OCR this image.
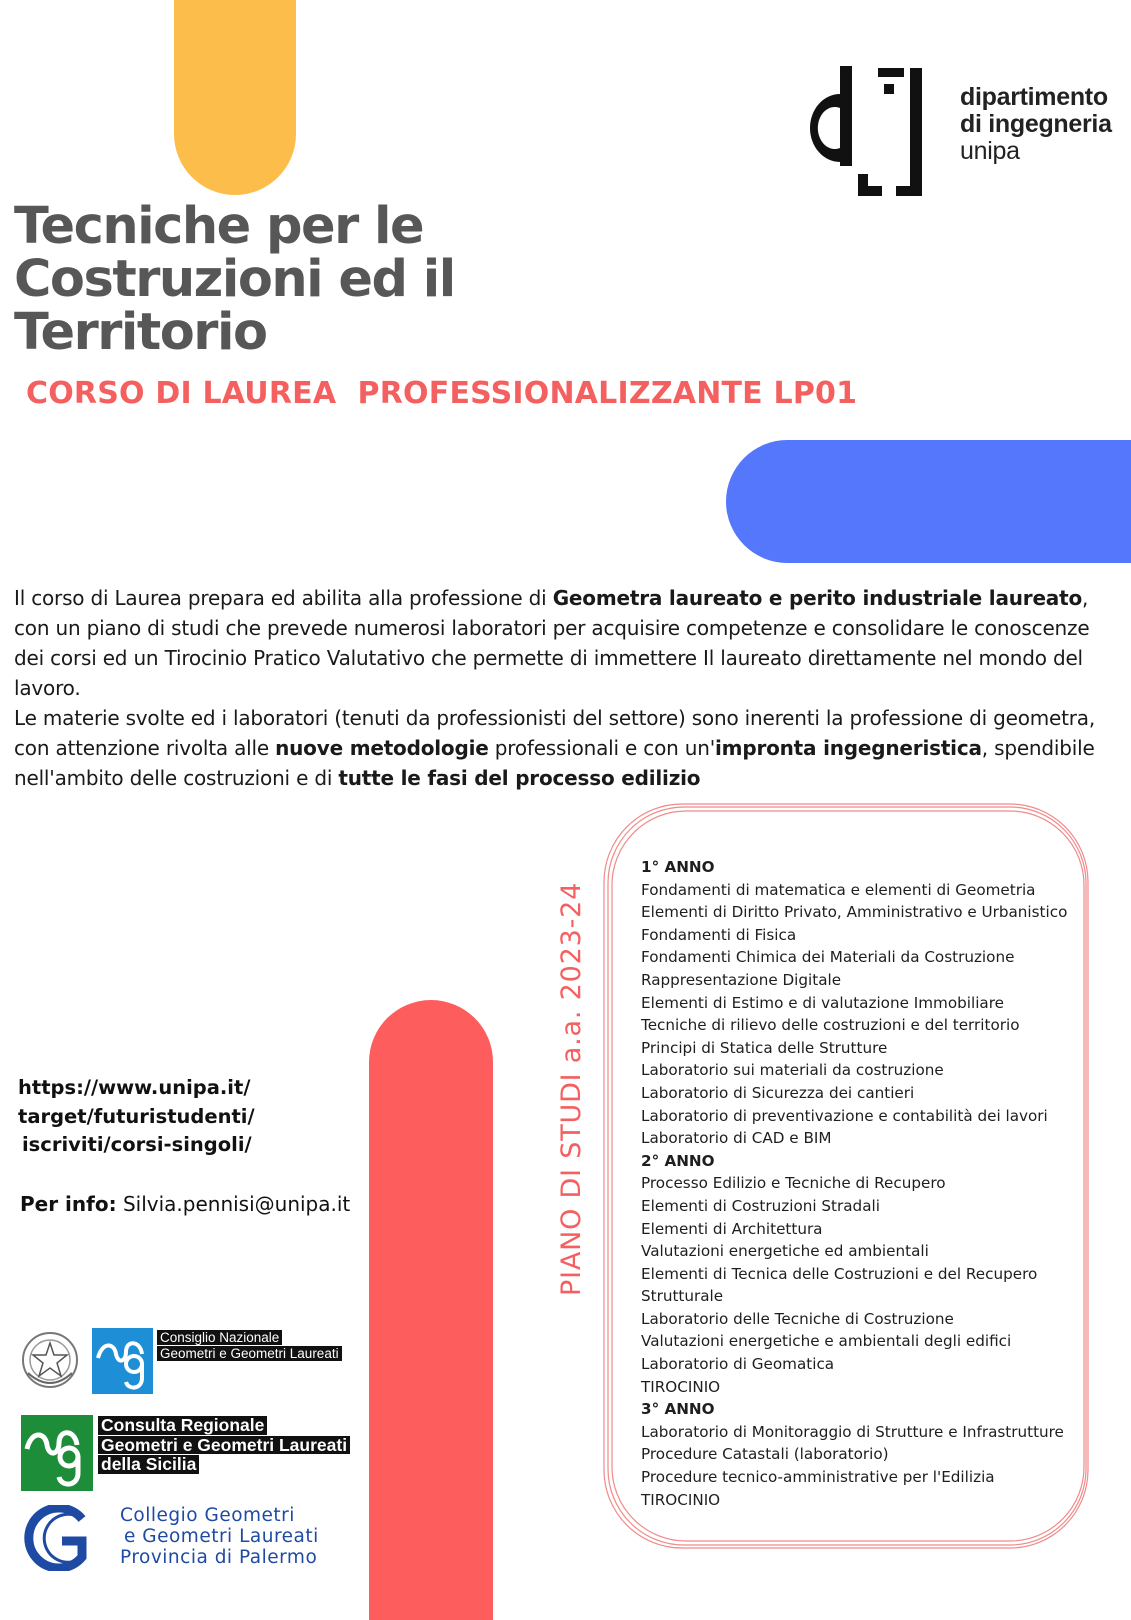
dipartimento
di ingegneria
unipa
Tecniche per le
Costruzioni ed il
Territorio
CORSO DI LAUREA  PROFESSIONALIZZANTE LP01

Il corso di Laurea prepara ed abilita alla professione di Geometra laureato e perito industriale laureato, con un piano di studi che prevede numerosi laboratori per acquisire competenze e consolidare le conoscenze dei corsi ed un Tirocinio Pratico Valutativo che permette di immettere Il laureato direttamente nel mondo del lavoro.

Le materie svolte ed i laboratori (tenuti da professionisti del settore) sono inerenti la professione di geometra, con attenzione rivolta alle nuove metodologie professionali e con un'impronta ingegneristica, spendibile nell'ambito delle costruzioni e di tutte le fasi del processo edilizio

PIANO DI STUDI a.a. 2023-24
1° ANNO
Fondamenti di matematica e elementi di Geometria
Elementi di Diritto Privato, Amministrativo e Urbanistico
Fondamenti di Fisica
Fondamenti Chimica dei Materiali da Costruzione
Rappresentazione Digitale
Elementi di Estimo e di valutazione Immobiliare
Tecniche di rilievo delle costruzioni e del territorio
Principi di Statica delle Strutture
Laboratorio sui materiali da costruzione
Laboratorio di Sicurezza dei cantieri
Laboratorio di preventivazione e contabilità dei lavori
Laboratorio di CAD e BIM
2° ANNO
Processo Edilizio e Tecniche di Recupero
Elementi di Costruzioni Stradali
Elementi di Architettura
Valutazioni energetiche ed ambientali
Elementi di Tecnica delle Costruzioni e del Recupero Strutturale
Laboratorio delle Tecniche di Costruzione
Valutazioni energetiche e ambientali degli edifici
Laboratorio di Geomatica
TIROCINIO
3° ANNO
Laboratorio di Monitoraggio di Strutture e Infrastrutture
Procedure Catastali (laboratorio)
Procedure tecnico-amministrative per l'Edilizia
TIROCINIO
https://www.unipa.it/
target/futuristudenti/
iscriviti/corsi-singoli/
Per info: Silvia.pennisi@unipa.it
Consiglio Nazionale
Geometri e Geometri Laureati
Consulta Regionale
Geometri e Geometri Laureati
della Sicilia
Collegio Geometri
e Geometri Laureati
Provincia di Palermo
